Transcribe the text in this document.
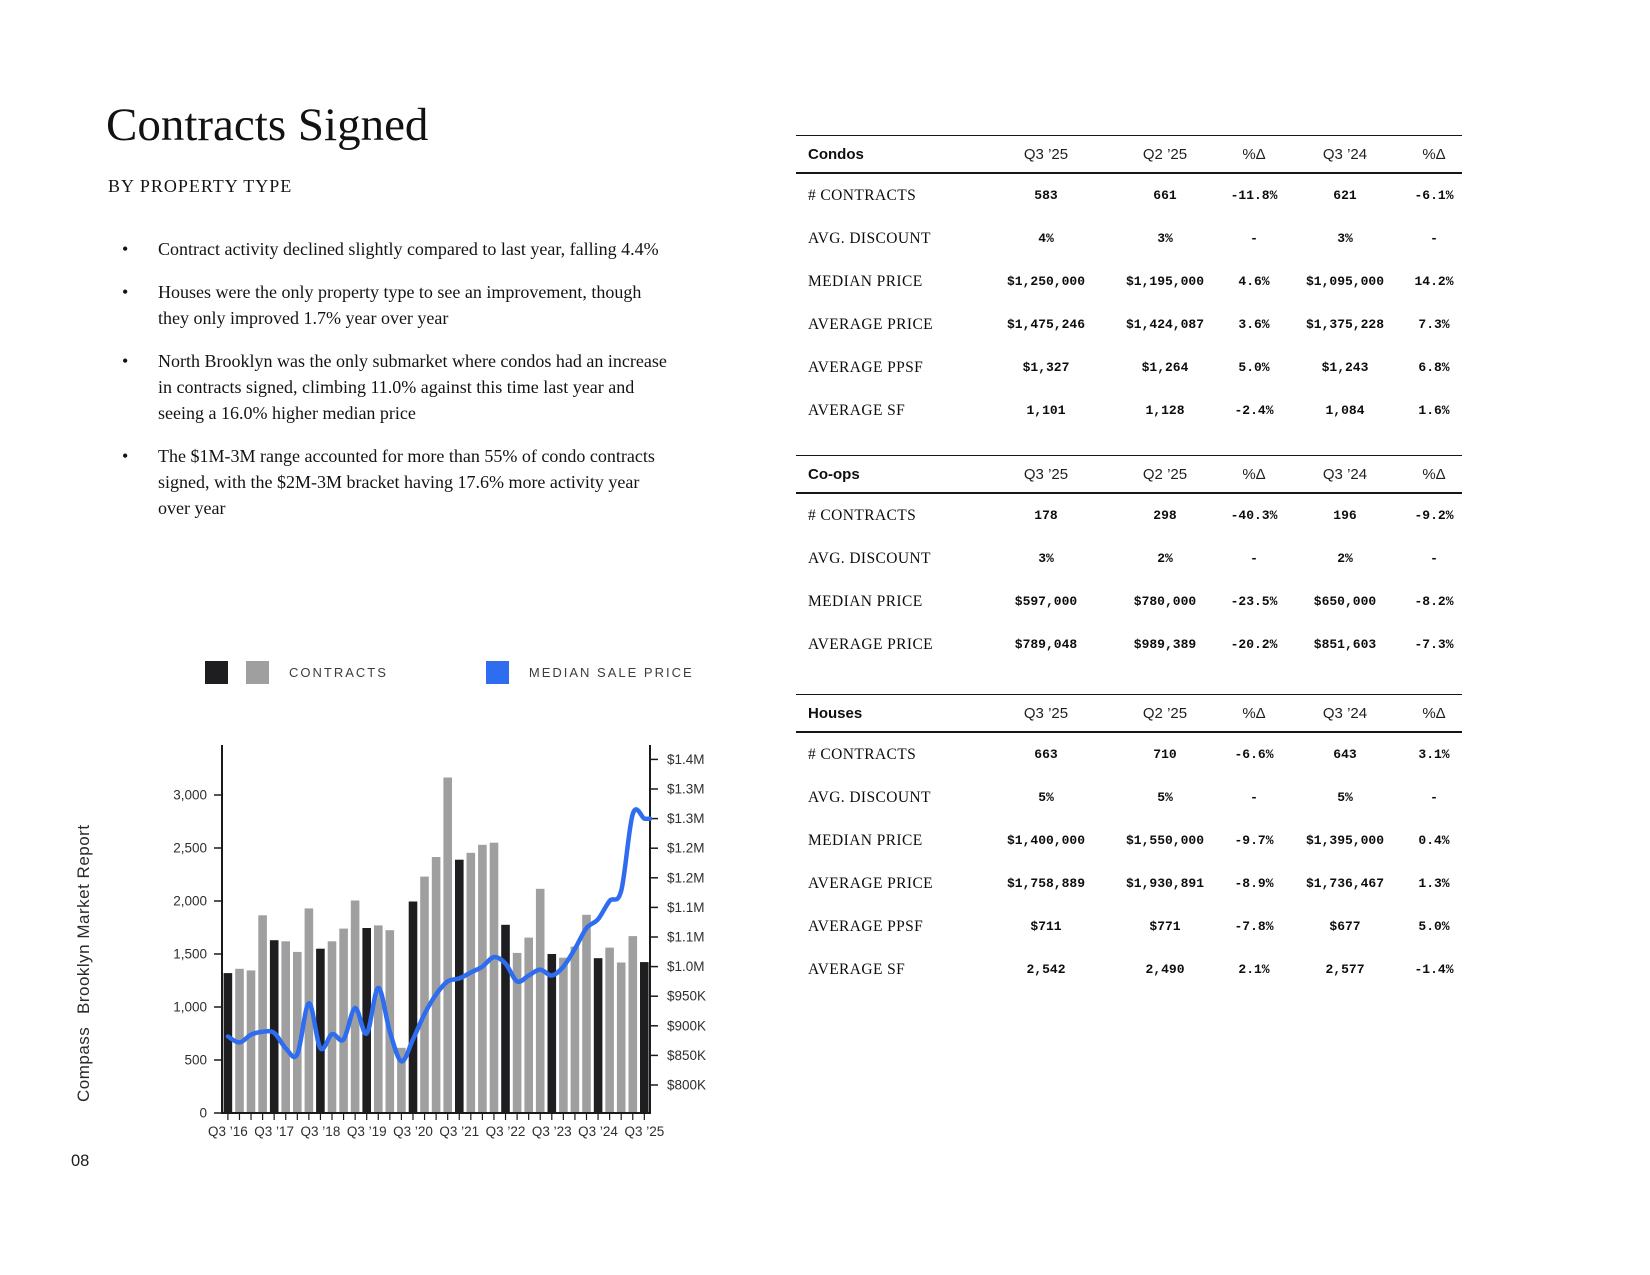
Brooklyn Market Report
Compass
08
Contracts Signed
BY PROPERTY TYPE
• Contract activity declined slightly compared to last year, falling 4.4%
• Houses were the only property type to see an improvement, though they only improved 1.7% year over year
• North Brooklyn was the only submarket where condos had an increase in contracts signed, climbing 11.0% against this time last year and seeing a 16.0% higher median price
• The $1M-3M range accounted for more than 55% of condo contracts signed, with the $2M-3M bracket having 17.6% more activity year over year
CONTRACTS	MEDIAN SALE PRICE
0
500
1,000
1,500
2,000
2,500
3,000
$800K
$850K
$900K
$950K
$1.0M
$1.1M
$1.1M
$1.2M
$1.2M
$1.3M
$1.3M
$1.4M
Q3 ’16 Q3 ’17 Q3 ’18 Q3 ’19 Q3 ’20 Q3 ’21 Q3 ’22 Q3 ’23 Q3 ’24 Q3 ’25
Condos	Q3 ’25	Q2 ’25	%Δ	Q3 ’24	%Δ
# CONTRACTS	583	661	-11.8%	621	-6.1%
AVG. DISCOUNT	4%	3%	-	3%	-
MEDIAN PRICE	$1,250,000	$1,195,000	4.6%	$1,095,000	14.2%
AVERAGE PRICE	$1,475,246	$1,424,087	3.6%	$1,375,228	7.3%
AVERAGE PPSF	$1,327	$1,264	5.0%	$1,243	6.8%
AVERAGE SF	1,101	1,128	-2.4%	1,084	1.6%
Co-ops	Q3 ’25	Q2 ’25	%Δ	Q3 ’24	%Δ
# CONTRACTS	178	298	-40.3%	196	-9.2%
AVG. DISCOUNT	3%	2%	-	2%	-
MEDIAN PRICE	$597,000	$780,000	-23.5%	$650,000	-8.2%
AVERAGE PRICE	$789,048	$989,389	-20.2%	$851,603	-7.3%
Houses	Q3 ’25	Q2 ’25	%Δ	Q3 ’24	%Δ
# CONTRACTS	663	710	-6.6%	643	3.1%
AVG. DISCOUNT	5%	5%	-	5%	-
MEDIAN PRICE	$1,400,000	$1,550,000	-9.7%	$1,395,000	0.4%
AVERAGE PRICE	$1,758,889	$1,930,891	-8.9%	$1,736,467	1.3%
AVERAGE PPSF	$711	$771	-7.8%	$677	5.0%
AVERAGE SF	2,542	2,490	2.1%	2,577	-1.4%
